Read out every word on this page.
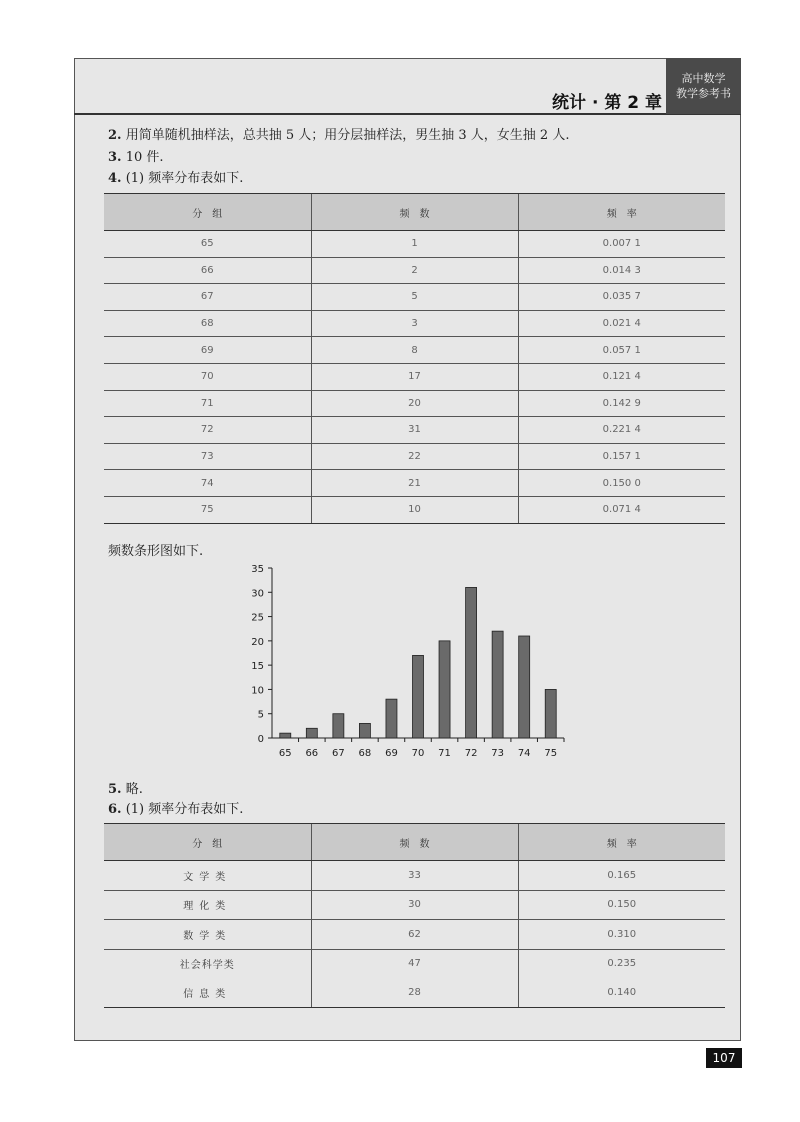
统计 · 第 2 章
高中数学
教学参考书
2. 用简单随机抽样法，总共抽 5 人；用分层抽样法，男生抽 3 人，女生抽 2 人.
3. 10 件.
4. (1) 频率分布表如下.
分　组	频　数	频　率
65	1	0.007 1
66	2	0.014 3
67	5	0.035 7
68	3	0.021 4
69	8	0.057 1
70	17	0.121 4
71	20	0.142 9
72	31	0.221 4
73	22	0.157 1
74	21	0.150 0
75	10	0.071 4
频数条形图如下.
0
5
10
15
20
25
30
35
65 66 67 68 69 70 71 72 73 74 75
5. 略.
6. (1) 频率分布表如下.
分　组	频　数	频　率
文学类	33	0.165
理化类	30	0.150
数学类	62	0.310
社会科学类	47	0.235
信息类	28	0.140
107
